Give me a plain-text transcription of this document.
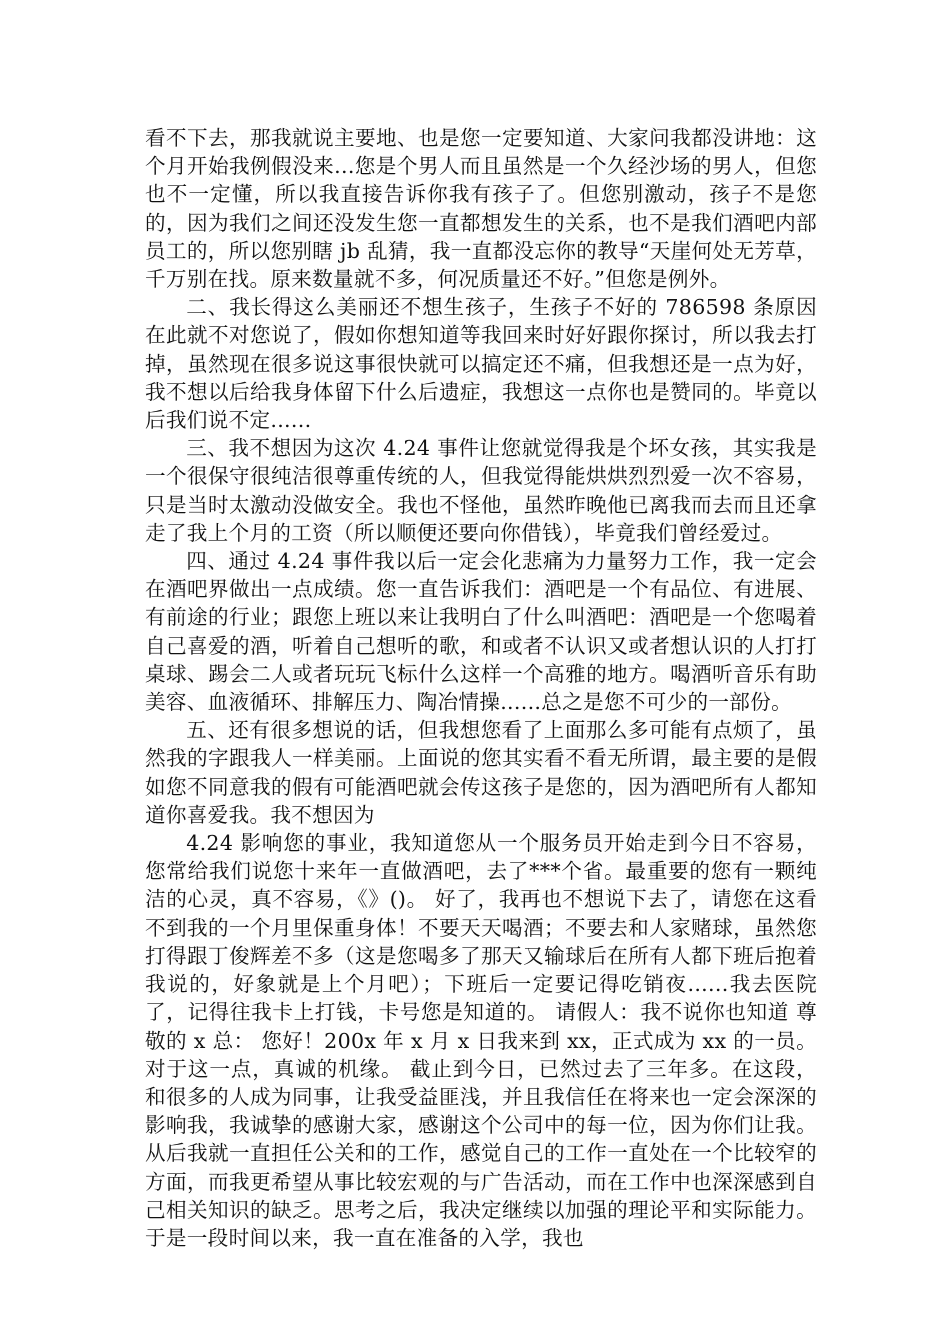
看不下去，那我就说主要地、也是您一定要知道、大家问我都没讲地：这个月开始我例假没来...您是个男人而且虽然是一个久经沙场的男人，但您也不一定懂，所以我直接告诉你我有孩子了。但您别激动，孩子不是您的，因为我们之间还没发生您一直都想发生的关系，也不是我们酒吧内部员工的，所以您别瞎 jb 乱猜，我一直都没忘你的教导“天崖何处无芳草，千万别在找。原来数量就不多，何况质量还不好。”但您是例外。

二、我长得这么美丽还不想生孩子，生孩子不好的 786598 条原因在此就不对您说了，假如你想知道等我回来时好好跟你探讨，所以我去打掉，虽然现在很多说这事很快就可以搞定还不痛，但我想还是一点为好，我不想以后给我身体留下什么后遗症，我想这一点你也是赞同的。毕竟以后我们说不定......

三、我不想因为这次 4.24 事件让您就觉得我是个坏女孩，其实我是一个很保守很纯洁很尊重传统的人，但我觉得能烘烘烈烈爱一次不容易，只是当时太激动没做安全。我也不怪他，虽然昨晚他已离我而去而且还拿走了我上个月的工资（所以顺便还要向你借钱），毕竟我们曾经爱过。

四、通过 4.24 事件我以后一定会化悲痛为力量努力工作，我一定会在酒吧界做出一点成绩。您一直告诉我们：酒吧是一个有品位、有进展、有前途的行业；跟您上班以来让我明白了什么叫酒吧：酒吧是一个您喝着自己喜爱的酒，听着自己想听的歌，和或者不认识又或者想认识的人打打桌球、踢会二人或者玩玩飞标什么这样一个高雅的地方。喝酒听音乐有助美容、血液循环、排解压力、陶冶情操......总之是您不可少的一部份。

五、还有很多想说的话，但我想您看了上面那么多可能有点烦了，虽然我的字跟我人一样美丽。上面说的您其实看不看无所谓，最主要的是假如您不同意我的假有可能酒吧就会传这孩子是您的，因为酒吧所有人都知道你喜爱我。我不想因为

4.24 影响您的事业，我知道您从一个服务员开始走到今日不容易，您常给我们说您十来年一直做酒吧，去了***个省。最重要的您有一颗纯洁的心灵，真不容易，《》()。 好了，我再也不想说下去了，请您在这看不到我的一个月里保重身体！不要天天喝酒；不要去和人家赌球，虽然您打得跟丁俊辉差不多（这是您喝多了那天又输球后在所有人都下班后抱着我说的，好象就是上个月吧）；下班后一定要记得吃销夜......我去医院了，记得往我卡上打钱，卡号您是知道的。 请假人：我不说你也知道 尊敬的 x 总： 您好！200x 年 x 月 x 日我来到 xx，正式成为 xx 的一员。对于这一点，真诚的机缘。 截止到今日，已然过去了三年多。在这段，和很多的人成为同事，让我受益匪浅，并且我信任在将来也一定会深深的影响我，我诚挚的感谢大家，感谢这个公司中的每一位，因为你们让我。 从后我就一直担任公关和的工作，感觉自己的工作一直处在一个比较窄的方面，而我更希望从事比较宏观的与广告活动，而在工作中也深深感到自己相关知识的缺乏。思考之后，我决定继续以加强的理论平和实际能力。 于是一段时间以来，我一直在准备的入学，我也
